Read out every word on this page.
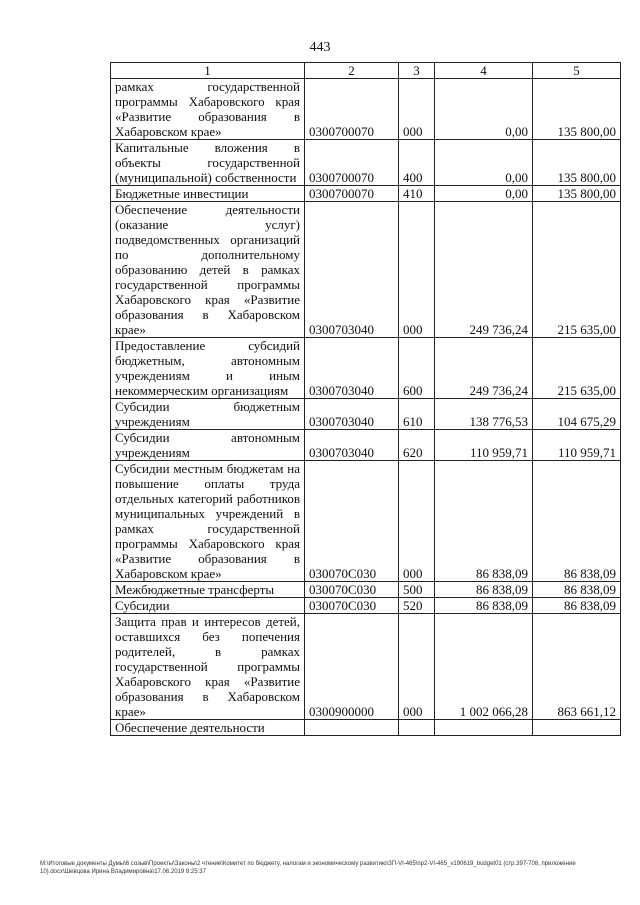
443
1	2	3	4	5
рамках государственной программы Хабаровского края «Развитие образования в Хабаровском крае»	0300700070	000	0,00	135 800,00
Капитальные вложения в объекты государственной (муниципальной) собственности	0300700070	400	0,00	135 800,00
Бюджетные инвестиции	0300700070	410	0,00	135 800,00
Обеспечение деятельности (оказание услуг) подведомственных организаций по дополнительному образованию детей в рамках государственной программы Хабаровского края «Развитие образования в Хабаровском крае»	0300703040	000	249 736,24	215 635,00
Предоставление субсидий бюджетным, автономным учреждениям и иным некоммерческим организациям	0300703040	600	249 736,24	215 635,00
Субсидии бюджетным учреждениям	0300703040	610	138 776,53	104 675,29
Субсидии автономным учреждениям	0300703040	620	110 959,71	110 959,71
Субсидии местным бюджетам на повышение оплаты труда отдельных категорий работников муниципальных учреждений в рамках государственной программы Хабаровского края «Развитие образования в Хабаровском крае»	030070С030	000	86 838,09	86 838,09
Межбюджетные трансферты	030070С030	500	86 838,09	86 838,09
Субсидии	030070С030	520	86 838,09	86 838,09
Защита прав и интересов детей, оставшихся без попечения родителей, в рамках государственной программы Хабаровского края «Развитие образования в Хабаровском крае»	0300900000	000	1 002 066,28	863 661,12
Обеспечение деятельности				
M:\Итоговые документы Думы\6 созыв\Проекты\Законы\2 чтение\Комитет по бюджету, налогам и экономическому развитию\ЗП-VI-465\пр2-VI-465_v190619_budget01 (стр.397-708, приложение 10).docx\Шевцова Ирина Владимировна\17.06.2019 8:25:37
